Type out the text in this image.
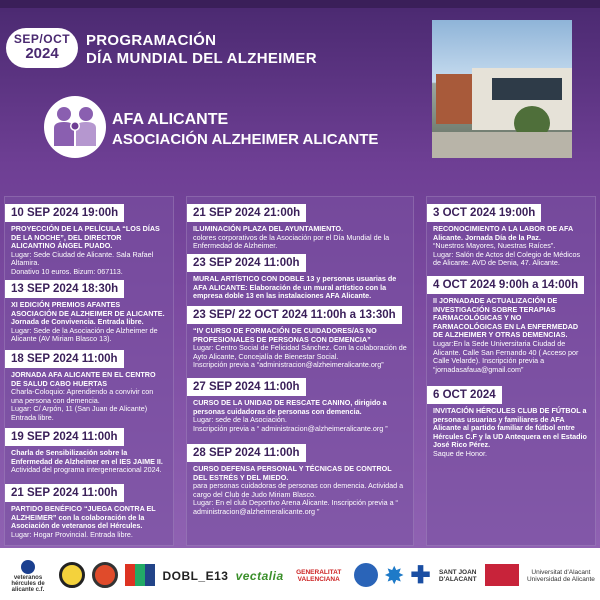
SEP/OCT
2024
PROGRAMACIÓN
DÍA MUNDIAL DEL ALZHEIMER
AFA ALICANTE
ASOCIACIÓN ALZHEIMER ALICANTE
10 SEP 2024 19:00h
PROYECCIÓN DE LA PELÍCULA “LOS DÍAS DE LA NOCHE”, DEL DIRECTOR ALICANTINO ÁNGEL PUADO.
Lugar: Sede Ciudad de Alicante. Sala Rafael Altamira.
Donativo 10 euros. Bizum: 067113.
13 SEP 2024 18:30h
XI EDICIÓN PREMIOS AFANTES ASOCIACIÓN DE ALZHEIMER DE ALICANTE. Jornada de Convivencia. Entrada libre.
Lugar: Sede de la Asociación de Alzheimer de Alicante (AV Miriam Blasco 13).
18 SEP 2024 11:00h
JORNADA AFA ALICANTE EN EL CENTRO DE SALUD CABO HUERTAS
Charla-Coloquio: Aprendiendo a convivir con una persona con demencia.
Lugar: C/ Arpón, 11 (San Juan de Alicante) Entrada libre.
19 SEP 2024 11:00h
Charla de Sensibilización sobre la Enfermedad de Alzheimer en el IES JAIME II.
Actividad del programa intergeneracional 2024.
21 SEP 2024 11:00h
PARTIDO BENÉFICO “JUEGA CONTRA EL ALZHEIMER” con la colaboración de la Asociación de veteranos del Hércules.
Lugar: Hogar Provincial. Entrada libre.
21 SEP 2024 21:00h
ILUMINACIÓN PLAZA DEL AYUNTAMIENTO.
colores corporativos de la Asociación por el Día Mundial de la Enfermedad de Alzheimer.
23 SEP 2024 11:00h
MURAL ARTÍSTICO CON DOBLE 13 y personas usuarias de AFA ALICANTE: Elaboración de un mural artístico con la empresa doble 13 en las instalaciones AFA Alicante.
23 SEP/ 22 OCT 2024 11:00h a 13:30h
“IV CURSO DE FORMACIÓN DE CUIDADORES/AS NO PROFESIONALES DE PERSONAS CON DEMENCIA”
Lugar: Centro Social de Felicidad Sánchez. Con la colaboración de Ayto Alicante, Concejalía de Bienestar Social.
Inscripción previa a “administracion@alzheimeralicante.org”
27 SEP 2024 11:00h
CURSO DE LA UNIDAD DE RESCATE CANINO, dirigido a personas cuidadoras de personas con demencia.
Lugar: sede de la Asociación.
Inscripción previa a “ administracion@alzheimeralicante.org ”
28 SEP 2024 11:00h
CURSO DEFENSA PERSONAL Y TÉCNICAS DE CONTROL DEL ESTRÉS Y DEL MIEDO.
para personas cuidadoras de personas con demencia. Actividad a cargo del Club de Judo Miriam Blasco.
Lugar: En el club Deportivo Arena Alicante. Inscripción previa a “ administracion@alzheimeralicante.org ”
3 OCT 2024 19:00h
RECONOCIMIENTO A LA LABOR DE AFA Alicante. Jornada Día de la Paz.
“Nuestros Mayores, Nuestras Raíces”.
Lugar: Salón de Actos del Colegio de Médicos de Alicante. AVD de Denia, 47. Alicante.
4 OCT 2024 9:00h a 14:00h
II JORNADADE ACTUALIZACIÓN DE INVESTIGACIÓN SOBRE TERAPIAS FARMACOLÓGICAS Y NO FARMACOLÓGICAS EN LA ENFERMEDAD DE ALZHEIMER Y OTRAS DEMENCIAS.
Lugar:En la Sede Universitaria Ciudad de Alicante. Calle San Fernando 40 ( Acceso por Calle Velarde). Inscripción previa a
“jornadasafaua@gmail.com”
6 OCT 2024
INVITACIÓN HÉRCULES CLUB DE FÚTBOL a personas usuarias y familiares de AFA Alicante al partido familiar de fútbol entre Hércules C.F y la UD Antequera en el Estadio José Rico Pérez.
Saque de Honor.
veteranos hércules de alicante c.f.
DOBL_E13 vectalia	GENERALITAT VALENCIANA	✸ ✚ SANT JOAN D'ALACANT
Universitat d'Alacant Universidad de Alicante
